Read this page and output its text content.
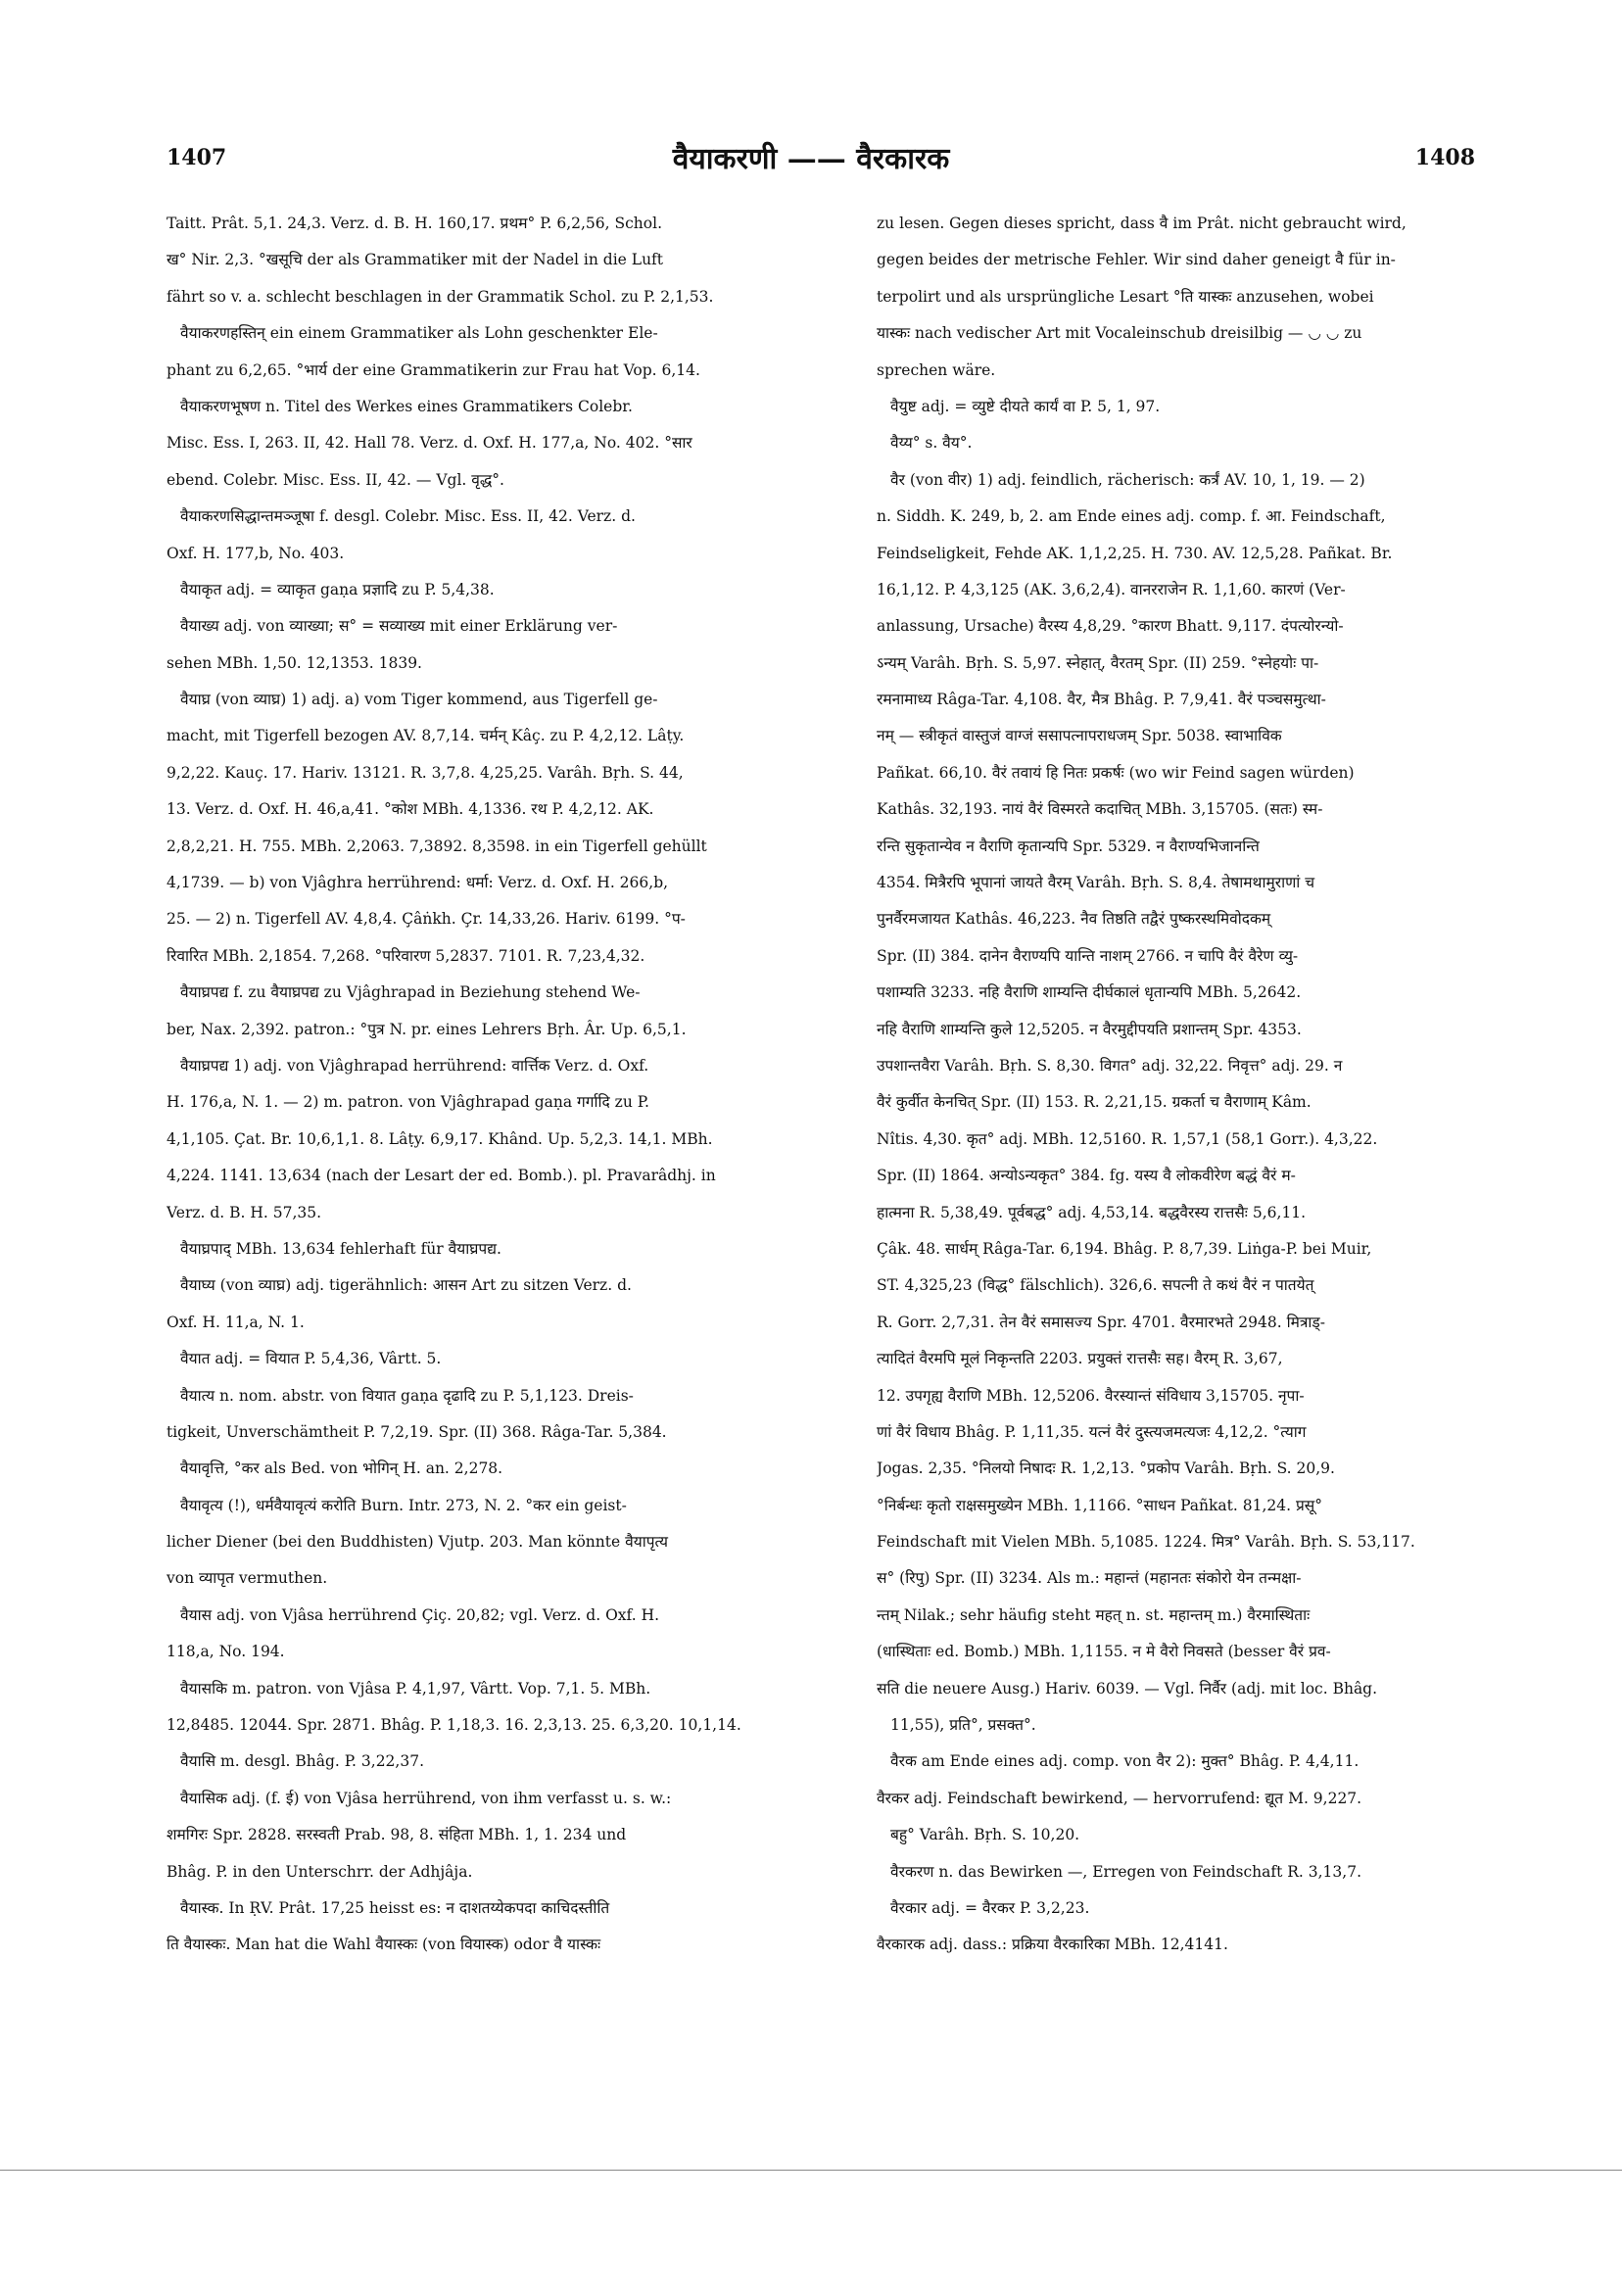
1407	वैयाकरणी —— वैरकारक	1408
Taitt. Prât. 5,1. 24,3. Verz. d. B. H. 160,17. प्रथम° P. 6,2,56, Schol.
ख° Nir. 2,3. °खसूचि der als Grammatiker mit der Nadel in die Luft
fährt so v. a. schlecht beschlagen in der Grammatik Schol. zu P. 2,1,53.
वैयाकरणहस्तिन् ein einem Grammatiker als Lohn geschenkter Ele-
phant zu 6,2,65. °भार्य der eine Grammatikerin zur Frau hat Vop. 6,14.
वैयाकरणभूषण n. Titel des Werkes eines Grammatikers Colebr.
Misc. Ess. I, 263. II, 42. Hall 78. Verz. d. Oxf. H. 177,a, No. 402. °सार
ebend. Colebr. Misc. Ess. II, 42. — Vgl. वृद्ध°.
वैयाकरणसिद्धान्तमञ्जूषा f. desgl. Colebr. Misc. Ess. II, 42. Verz. d.
Oxf. H. 177,b, No. 403.
वैयाकृत adj. = व्याकृत gaṇa प्रज्ञादि zu P. 5,4,38.
वैयाख्य adj. von व्याख्या; स° = सव्याख्य mit einer Erklärung ver-
sehen MBh. 1,50. 12,1353. 1839.
वैयाघ्र (von व्याघ्र) 1) adj. a) vom Tiger kommend, aus Tigerfell ge-
macht, mit Tigerfell bezogen AV. 8,7,14. चर्मन् Kâç. zu P. 4,2,12. Lâṭy.
9,2,22. Kauç. 17. Hariv. 13121. R. 3,7,8. 4,25,25. Varâh. Bṛh. S. 44,
13. Verz. d. Oxf. H. 46,a,41. °कोश MBh. 4,1336. रथ P. 4,2,12. AK.
2,8,2,21. H. 755. MBh. 2,2063. 7,3892. 8,3598. in ein Tigerfell gehüllt
4,1739. — b) von Vjâghra herrührend: धर्मा: Verz. d. Oxf. H. 266,b,
25. — 2) n. Tigerfell AV. 4,8,4. Çâṅkh. Çr. 14,33,26. Hariv. 6199. °प-
रिवारित MBh. 2,1854. 7,268. °परिवारण 5,2837. 7101. R. 7,23,4,32.
वैयाघ्रपद्य f. zu वैयाघ्रपद्य zu Vjâghrapad in Beziehung stehend We-
ber, Nax. 2,392. patron.: °पुत्र N. pr. eines Lehrers Bṛh. Âr. Up. 6,5,1.
वैयाघ्रपद्य 1) adj. von Vjâghrapad herrührend: वार्त्तिक Verz. d. Oxf.
H. 176,a, N. 1. — 2) m. patron. von Vjâghrapad gaṇa गर्गादि zu P.
4,1,105. Çat. Br. 10,6,1,1. 8. Lâṭy. 6,9,17. Khând. Up. 5,2,3. 14,1. MBh.
4,224. 1141. 13,634 (nach der Lesart der ed. Bomb.). pl. Pravarâdhj. in
Verz. d. B. H. 57,35.
वैयाघ्रपाद् MBh. 13,634 fehlerhaft für वैयाघ्रपद्य.
वैयाघ्य (von व्याघ्र) adj. tigerähnlich: आसन Art zu sitzen Verz. d.
Oxf. H. 11,a, N. 1.
वैयात adj. = वियात P. 5,4,36, Vârtt. 5.
वैयात्य n. nom. abstr. von वियात gaṇa दृढादि zu P. 5,1,123. Dreis-
tigkeit, Unverschämtheit P. 7,2,19. Spr. (II) 368. Râga-Tar. 5,384.
वैयावृत्ति, °कर als Bed. von भोगिन् H. an. 2,278.
वैयावृत्य (!), धर्मवैयावृत्यं करोति Burn. Intr. 273, N. 2. °कर ein geist-
licher Diener (bei den Buddhisten) Vjutp. 203. Man könnte वैयापृत्य
von व्यापृत vermuthen.
वैयास adj. von Vjâsa herrührend Çiç. 20,82; vgl. Verz. d. Oxf. H.
118,a, No. 194.
वैयासकि m. patron. von Vjâsa P. 4,1,97, Vârtt. Vop. 7,1. 5. MBh.
12,8485. 12044. Spr. 2871. Bhâg. P. 1,18,3. 16. 2,3,13. 25. 6,3,20. 10,1,14.
वैयासि m. desgl. Bhâg. P. 3,22,37.
वैयासिक adj. (f. ई) von Vjâsa herrührend, von ihm verfasst u. s. w.:
शमगिरः Spr. 2828. सरस्वती Prab. 98, 8. संहिता MBh. 1, 1. 234 und
Bhâg. P. in den Unterschrr. der Adhjâja.
वैयास्क. In ṚV. Prât. 17,25 heisst es: न दाशतय्येकपदा काचिदस्तीति
ति वैयास्कः. Man hat die Wahl वैयास्कः (von वियास्क) odor वै यास्कः
zu lesen. Gegen dieses spricht, dass वै im Prât. nicht gebraucht wird,
gegen beides der metrische Fehler. Wir sind daher geneigt वै für in-
terpolirt und als ursprüngliche Lesart °ति यास्कः anzusehen, wobei
यास्कः nach vedischer Art mit Vocaleinschub dreisilbig — ◡ ◡ zu
sprechen wäre.
वैयुष्ट adj. = व्युष्टे दीयते कार्यं वा P. 5, 1, 97.
वैय्य° s. वैय°.
वैर (von वीर) 1) adj. feindlich, rächerisch: कर्त्रं AV. 10, 1, 19. — 2)
n. Siddh. K. 249, b, 2. am Ende eines adj. comp. f. आ. Feindschaft,
Feindseligkeit, Fehde AK. 1,1,2,25. H. 730. AV. 12,5,28. Pañkat. Br.
16,1,12. P. 4,3,125 (AK. 3,6,2,4). वानरराजेन R. 1,1,60. कारणं (Ver-
anlassung, Ursache) वैरस्य 4,8,29. °कारण Bhatt. 9,117. दंपत्योरन्यो-
ऽन्यम् Varâh. Bṛh. S. 5,97. स्नेहात्, वैरतम् Spr. (II) 259. °स्नेहयोः पा-
रमनामाध्य Râga-Tar. 4,108. वैर, मैत्र Bhâg. P. 7,9,41. वैरं पञ्चसमुत्था-
नम् — स्त्रीकृतं वास्तुजं वाग्जं ससापत्नापराधजम् Spr. 5038. स्वाभाविक
Pañkat. 66,10. वैरं तवायं हि नितः प्रकर्षः (wo wir Feind sagen würden)
Kathâs. 32,193. नायं वैरं विस्मरते कदाचित् MBh. 3,15705. (सतः) स्म-
रन्ति सुकृतान्येव न वैराणि कृतान्यपि Spr. 5329. न वैराण्यभिजानन्ति
4354. मित्रैरपि भूपानां जायते वैरम् Varâh. Bṛh. S. 8,4. तेषामथामुराणां च
पुनर्वैरमजायत Kathâs. 46,223. नैव तिष्ठति तद्वैरं पुष्करस्थमिवोदकम्
Spr. (II) 384. दानेन वैराण्यपि यान्ति नाशम् 2766. न चापि वैरं वैरेण व्यु-
पशाम्यति 3233. नहि वैराणि शाम्यन्ति दीर्घकालं धृतान्यपि MBh. 5,2642.
नहि वैराणि शाम्यन्ति कुले 12,5205. न वैरमुद्दीपयति प्रशान्तम् Spr. 4353.
उपशान्तवैरा Varâh. Bṛh. S. 8,30. विगत° adj. 32,22. निवृत्त° adj. 29. न
वैरं कुर्वीत केनचित् Spr. (II) 153. R. 2,21,15. ग्रकर्ता च वैराणाम् Kâm.
Nîtis. 4,30. कृत° adj. MBh. 12,5160. R. 1,57,1 (58,1 Gorr.). 4,3,22.
Spr. (II) 1864. अन्योऽन्यकृत° 384. fg. यस्य वै लोकवीरेण बद्धं वैरं म-
हात्मना R. 5,38,49. पूर्वबद्ध° adj. 4,53,14. बद्धवैरस्य रात्तसैः 5,6,11.
Çâk. 48. सार्धम् Râga-Tar. 6,194. Bhâg. P. 8,7,39. Liṅga-P. bei Muir,
ST. 4,325,23 (विद्ध° fälschlich). 326,6. सपत्नी ते कथं वैरं न पातयेत्
R. Gorr. 2,7,31. तेन वैरं समासज्य Spr. 4701. वैरमारभते 2948. मित्राड्-
त्यादितं वैरमपि मूलं निकृन्तति 2203. प्रयुक्तं रात्तसैः सह। वैरम् R. 3,67,
12. उपगृह्य वैराणि MBh. 12,5206. वैरस्यान्तं संविधाय 3,15705. नृपा-
णां वैरं विधाय Bhâg. P. 1,11,35. यत्नं वैरं दुस्त्यजमत्यजः 4,12,2. °त्याग
Jogas. 2,35. °निलयो निषादः R. 1,2,13. °प्रकोप Varâh. Bṛh. S. 20,9.
°निर्बन्धः कृतो राक्षसमुख्येन MBh. 1,1166. °साधन Pañkat. 81,24. प्रसू°
Feindschaft mit Vielen MBh. 5,1085. 1224. मित्र° Varâh. Bṛh. S. 53,117.
स° (रिपु) Spr. (II) 3234. Als m.: महान्तं (महानतः संकोरो येन तन्मक्षा-
न्तम् Nilak.; sehr häufig steht महत् n. st. महान्तम् m.) वैरमास्थिताः
(धास्थिताः ed. Bomb.) MBh. 1,1155. न मे वैरो निवसते (besser वैरं प्रव-
सति die neuere Ausg.) Hariv. 6039. — Vgl. निर्वैर (adj. mit loc. Bhâg.
11,55), प्रति°, प्रसक्त°.
वैरक am Ende eines adj. comp. von वैर 2): मुक्त° Bhâg. P. 4,4,11.
वैरकर adj. Feindschaft bewirkend, — hervorrufend: द्यूत M. 9,227.
बहु° Varâh. Bṛh. S. 10,20.
वैरकरण n. das Bewirken —, Erregen von Feindschaft R. 3,13,7.
वैरकार adj. = वैरकर P. 3,2,23.
वैरकारक adj. dass.: प्रक्रिया वैरकारिका MBh. 12,4141.
